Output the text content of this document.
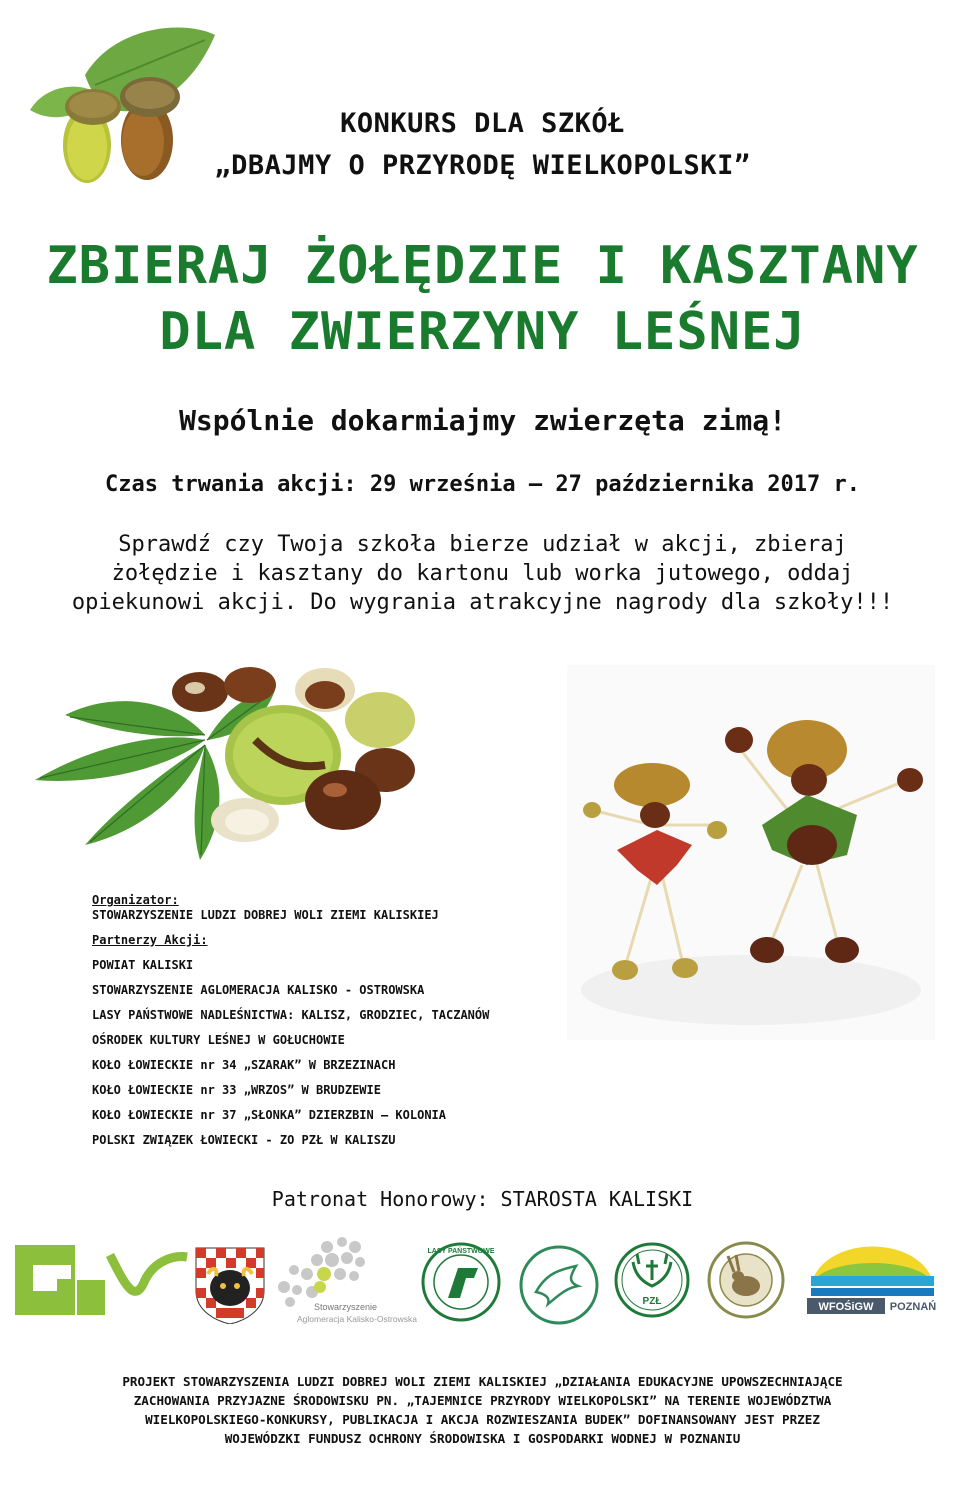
KONKURS DLA SZKÓŁ
„DBAJMY O PRZYRODĘ WIELKOPOLSKI”
ZBIERAJ ŻOŁĘDZIE I KASZTANY
DLA ZWIERZYNY LEŚNEJ
Wspólnie dokarmiajmy zwierzęta zimą!
Czas trwania akcji: 29 września – 27 października 2017 r.
Sprawdź czy Twoja szkoła bierze udział w akcji, zbieraj
żołędzie i kasztany do kartonu lub worka jutowego, oddaj
opiekunowi akcji. Do wygrania atrakcyjne nagrody dla szkoły!!!
Organizator:
STOWARZYSZENIE LUDZI DOBREJ WOLI ZIEMI KALISKIEJ
Partnerzy Akcji:
POWIAT KALISKI
STOWARZYSZENIE AGLOMERACJA KALISKO - OSTROWSKA
LASY PAŃSTWOWE NADLEŚNICTWA: KALISZ, GRODZIEC, TACZANÓW
OŚRODEK KULTURY LEŚNEJ W GOŁUCHOWIE
KOŁO ŁOWIECKIE nr 34 „SZARAK” W BRZEZINACH
KOŁO ŁOWIECKIE nr 33 „WRZOS” W BRUDZEWIE
KOŁO ŁOWIECKIE nr 37 „SŁONKA” DZIERZBIN – KOLONIA
POLSKI ZWIĄZEK ŁOWIECKI - ZO PZŁ W KALISZU
Patronat Honorowy: STAROSTA KALISKI
Stowarzyszenie
Aglomeracja Kalisko-Ostrowska
LASY PAŃSTWOWE
PZŁ	WFOŚiGW POZNAŃ
PROJEKT STOWARZYSZENIA LUDZI DOBREJ WOLI ZIEMI KALISKIEJ „DZIAŁANIA EDUKACYJNE UPOWSZECHNIAJĄCE
ZACHOWANIA PRZYJAZNE ŚRODOWISKU PN. „TAJEMNICE PRZYRODY WIELKOPOLSKI” NA TERENIE WOJEWÓDZTWA
WIELKOPOLSKIEGO-KONKURSY, PUBLIKACJA I AKCJA ROZWIESZANIA BUDEK” DOFINANSOWANY JEST PRZEZ
WOJEWÓDZKI FUNDUSZ OCHRONY ŚRODOWISKA I GOSPODARKI WODNEJ W POZNANIU
